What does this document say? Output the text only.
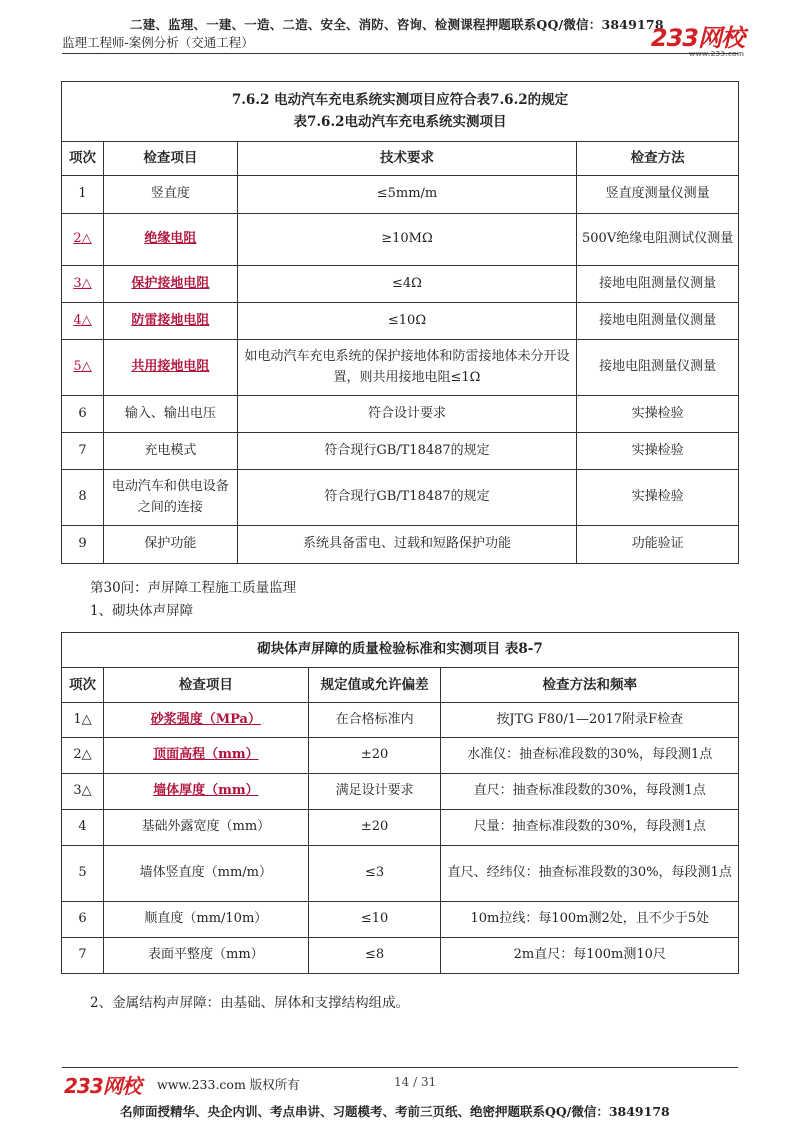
二建、监理、一建、一造、二造、安全、消防、咨询、检测课程押题联系QQ/微信：3849178
监理工程师-案例分析（交通工程）	233网校
www.233.com
7.6.2 电动汽车充电系统实测项目应符合表7.6.2的规定
表7.6.2电动汽车充电系统实测项目			

项次	检查项目	技术要求	检查方法
1	竖直度	≤5mm/m	竖直度测量仪测量
2△	绝缘电阻	≥10MΩ	500V绝缘电阻测试仪测量
3△	保护接地电阻	≤4Ω	接地电阻测量仪测量
4△	防雷接地电阻	≤10Ω	接地电阻测量仪测量
5△	共用接地电阻	如电动汽车充电系统的保护接地体和防雷接地体未分开设置，则共用接地电阻≤1Ω	接地电阻测量仪测量
6	输入、输出电压	符合设计要求	实操检验
7	充电模式	符合现行GB/T18487的规定	实操检验
8	电动汽车和供电设备之间的连接	符合现行GB/T18487的规定	实操检验
9	保护功能	系统具备雷电、过载和短路保护功能	功能验证
第30问：声屏障工程施工质量监理
1、砌块体声屏障
砌块体声屏障的质量检验标准和实测项目 表8-7			
项次	检查项目	规定值或允许偏差	检查方法和频率
1△	砂浆强度（MPa）	在合格标准内	按JTG F80/1—2017附录F检查
2△	顶面高程（mm）	±20	水准仪：抽查标准段数的30%，每段测1点
3△	墙体厚度（mm）	满足设计要求	直尺：抽查标准段数的30%，每段测1点
4	基础外露宽度（mm）	±20	尺量：抽查标准段数的30%，每段测1点
5	墙体竖直度（mm/m）	≤3	直尺、经纬仪：抽查标准段数的30%，每段测1点
6	顺直度（mm/10m）	≤10	10m拉线：每100m测2处，且不少于5处
7	表面平整度（mm）	≤8	2m直尺：每100m测10尺
2、金属结构声屏障：由基础、屏体和支撑结构组成。
233网校 www.233.com 版权所有	14 / 31
名师面授精华、央企内训、考点串讲、习题模考、考前三页纸、绝密押题联系QQ/微信：3849178
